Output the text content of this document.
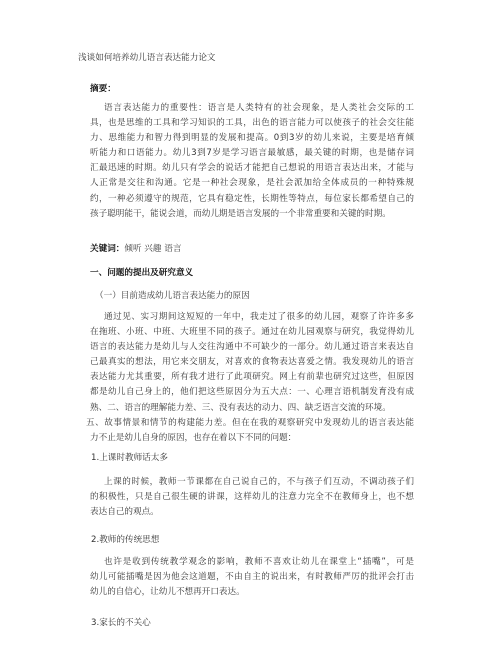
浅谈如何培养幼儿语言表达能力论文
摘要：
语言表达能力的重要性：语言是人类特有的社会现象，是人类社会交际的工
具，也是思维的工具和学习知识的工具，出色的语言能力可以使孩子的社会交往能
力、思维能力和智力得到明显的发展和提高。0到3岁的幼儿来说，主要是培育倾
听能力和口语能力。幼儿3到7岁是学习语言最敏感，最关键的时期，也是储存词
汇最迅速的时期。幼儿只有学会的说话才能把自己想说的用语言表达出来，才能与
人正常是交往和沟通。它是一种社会现象，是社会派加给全体成员的一种特殊规
约，一种必须遵守的规范，它具有稳定性，长期性等特点，每位家长都希望自己的
孩子聪明能干，能说会道，而幼儿期是语言发展的一个非常重要和关键的时期。
关键词：倾听 兴趣 语言
一、问题的提出及研究意义
（一）目前造成幼儿语言表达能力的原因
通过见、实习期间这短短的一年中，我走过了很多的幼儿园，观察了许许多多
在拖班、小班、中班、大班里不同的孩子。通过在幼儿园观察与研究，我觉得幼儿
语言的表达能力是幼儿与人交往沟通中不可缺少的一部分。幼儿通过语言来表达自
己最真实的想法，用它来交朋友，对喜欢的食物表达喜爱之情。我发现幼儿的语言
表达能力尤其重要，所有我才进行了此项研究。网上有前辈也研究过这些，但原因
都是幼儿自己身上的，他们把这些原因分为五大点：一、心理言语机制发育没有成
熟、二、语言的理解能力差、三、没有表达的动力、四、缺乏语言交流的环境。
五、故事情景和情节的构建能力差。但在在我的观察研究中发现幼儿的语言表达能
力不止是幼儿自身的原因，也存在着以下不同的问题：
1.上课时教师话太多
上课的时候，教师一节课都在自己说自己的，不与孩子们互动，不调动孩子们
的积极性，只是自己很生硬的讲课，这样幼儿的注意力完全不在教师身上，也不想
表达自己的观点。
2.教师的传统思想
也许是收到传统教学观念的影响，教师不喜欢让幼儿在课堂上“插嘴”，可是
幼儿可能插嘴是因为他会这道题，不由自主的说出来，有时教师严厉的批评会打击
幼儿的自信心，让幼儿不想再开口表达。
3.家长的不关心
